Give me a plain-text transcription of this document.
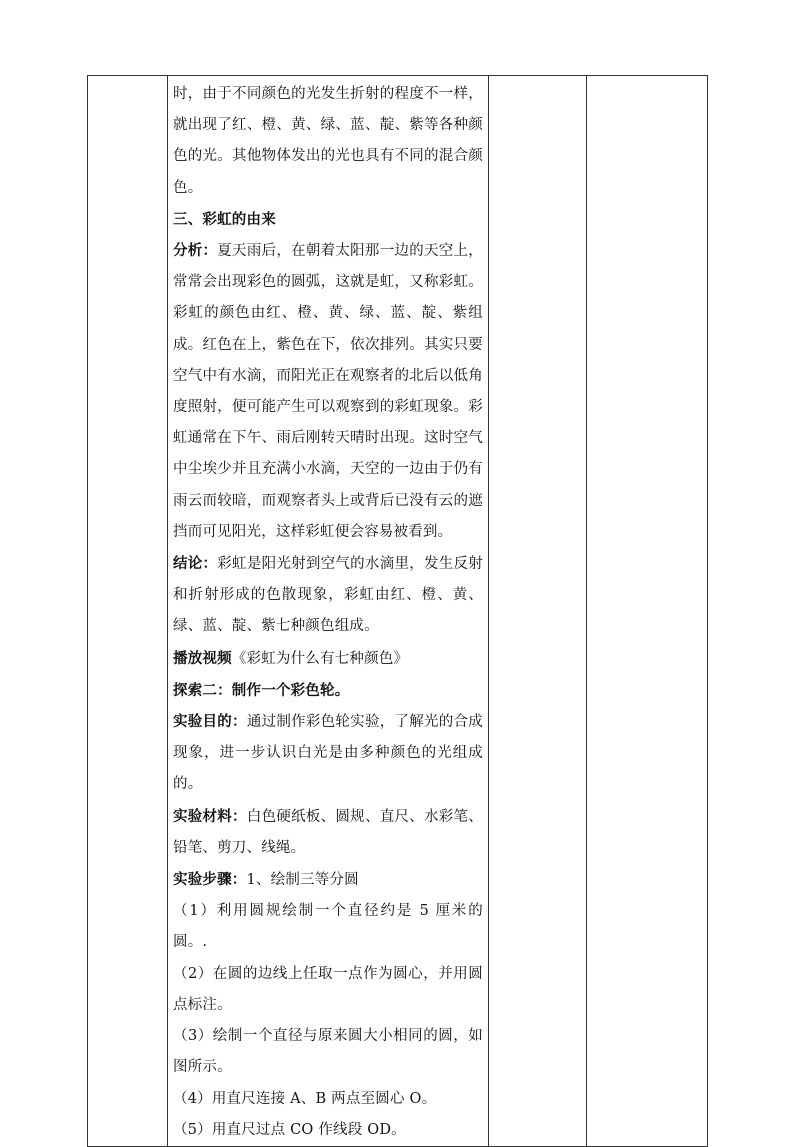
时，由于不同颜色的光发生折射的程度不一样，就出现了红、橙、黄、绿、蓝、靛、紫等各种颜色的光。其他物体发出的光也具有不同的混合颜色。

三、彩虹的由来

分析：夏天雨后，在朝着太阳那一边的天空上，常常会出现彩色的圆弧，这就是虹，又称彩虹。彩虹的颜色由红、橙、黄、绿、蓝、靛、紫组成。红色在上，紫色在下，依次排列。其实只要空气中有水滴，而阳光正在观察者的北后以低角度照射，便可能产生可以观察到的彩虹现象。彩虹通常在下午、雨后刚转天晴时出现。这时空气中尘埃少并且充满小水滴，天空的一边由于仍有雨云而较暗，而观察者头上或背后已没有云的遮挡而可见阳光，这样彩虹便会容易被看到。

结论：彩虹是阳光射到空气的水滴里，发生反射和折射形成的色散现象，彩虹由红、橙、黄、绿、蓝、靛、紫七种颜色组成。

播放视频《彩虹为什么有七种颜色》

探索二：制作一个彩色轮。

实验目的：通过制作彩色轮实验，了解光的合成现象，进一步认识白光是由多种颜色的光组成的。

实验材料：白色硬纸板、圆规、直尺、水彩笔、铅笔、剪刀、线绳。

实验步骤：1、绘制三等分圆

（1）利用圆规绘制一个直径约是 5 厘米的圆。.

（2）在圆的边线上任取一点作为圆心，并用圆点标注。

（3）绘制一个直径与原来圆大小相同的圆，如图所示。

（4）用直尺连接 A、B 两点至圆心 O。

（5）用直尺过点 CO 作线段 OD。
